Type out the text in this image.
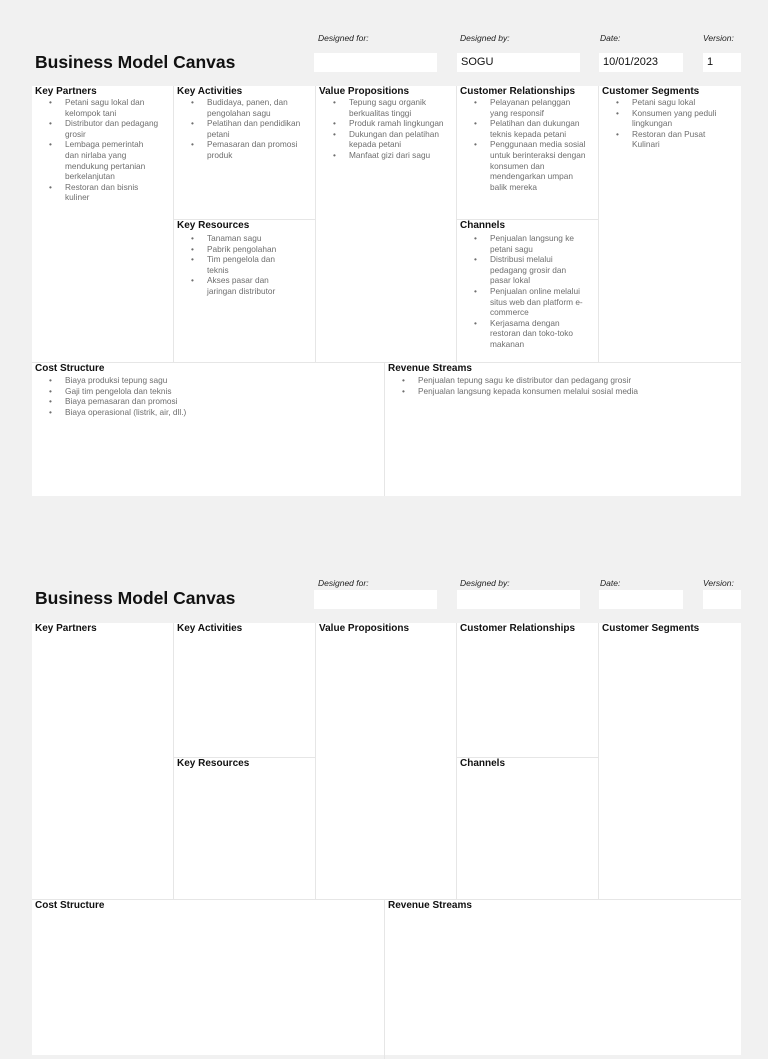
Business Model Canvas
Designed for:	Designed by:
SOGU
Date:
10/01/2023
Version:
1
Key Partners
• Petani sagu lokal dan kelompok tani
• Distributor dan pedagang grosir
• Lembaga pemerintah dan nirlaba yang mendukung pertanian berkelanjutan
• Restoran dan bisnis kuliner
Key Activities
• Budidaya, panen, dan pengolahan sagu
• Pelatihan dan pendidikan petani
• Pemasaran dan promosi produk
Key Resources
• Tanaman sagu
• Pabrik pengolahan
• Tim pengelola dan teknis
• Akses pasar dan jaringan distributor
Value Propositions
• Tepung sagu organik berkualitas tinggi
• Produk ramah lingkungan
• Dukungan dan pelatihan kepada petani
• Manfaat gizi dari sagu
Customer Relationships
• Pelayanan pelanggan yang responsif
• Pelatihan dan dukungan teknis kepada petani
• Penggunaan media sosial untuk berinteraksi dengan konsumen dan mendengarkan umpan balik mereka
Channels
• Penjualan langsung ke petani sagu
• Distribusi melalui pedagang grosir dan pasar lokal
• Penjualan online melalui situs web dan platform e-commerce
• Kerjasama dengan restoran dan toko-toko makanan
Customer Segments
• Petani sagu lokal
• Konsumen yang peduli lingkungan
• Restoran dan Pusat Kulinari
Cost Structure
• Biaya produksi tepung sagu
• Gaji tim pengelola dan teknis
• Biaya pemasaran dan promosi
• Biaya operasional (listrik, air, dll.)
Revenue Streams
• Penjualan tepung sagu ke distributor dan pedagang grosir
• Penjualan langsung kepada konsumen melalui sosial media
Business Model Canvas
Designed for:	Designed by:	Date:	Version:
Key Partners	Key Activities
Key Resources
Value Propositions	Customer Relationships
Channels
Customer Segments
Cost Structure	Revenue Streams
